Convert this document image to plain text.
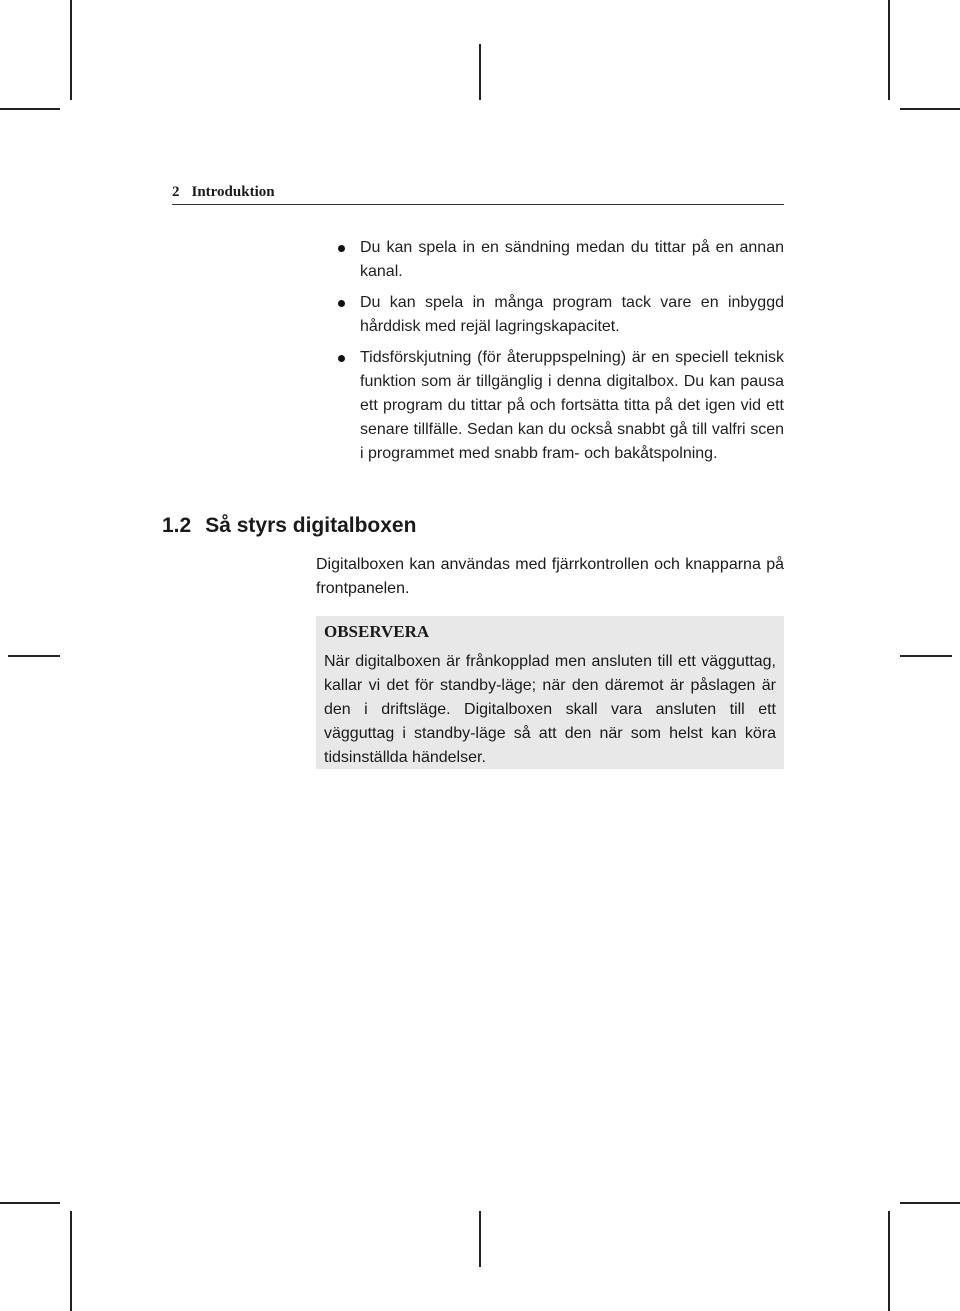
2 Introduktion
Du kan spela in en sändning medan du tittar på en annan kanal.
Du kan spela in många program tack vare en inbyggd hårddisk med rejäl lagringskapacitet.
Tidsförskjutning (för återuppspelning) är en speciell teknisk funktion som är tillgänglig i denna digitalbox. Du kan pausa ett program du tittar på och fortsätta titta på det igen vid ett senare tillfälle. Sedan kan du också snabbt gå till valfri scen i programmet med snabb fram- och bakåtspolning.
1.2 Så styrs digitalboxen

Digitalboxen kan användas med fjärrkontrollen och knapparna på frontpanelen.

OBSERVERA

När digitalboxen är frånkopplad men ansluten till ett vägguttag, kallar vi det för standby-läge; när den däremot är påslagen är den i driftsläge. Digitalboxen skall vara ansluten till ett vägguttag i standby-läge så att den när som helst kan köra tidsinställda händelser.
